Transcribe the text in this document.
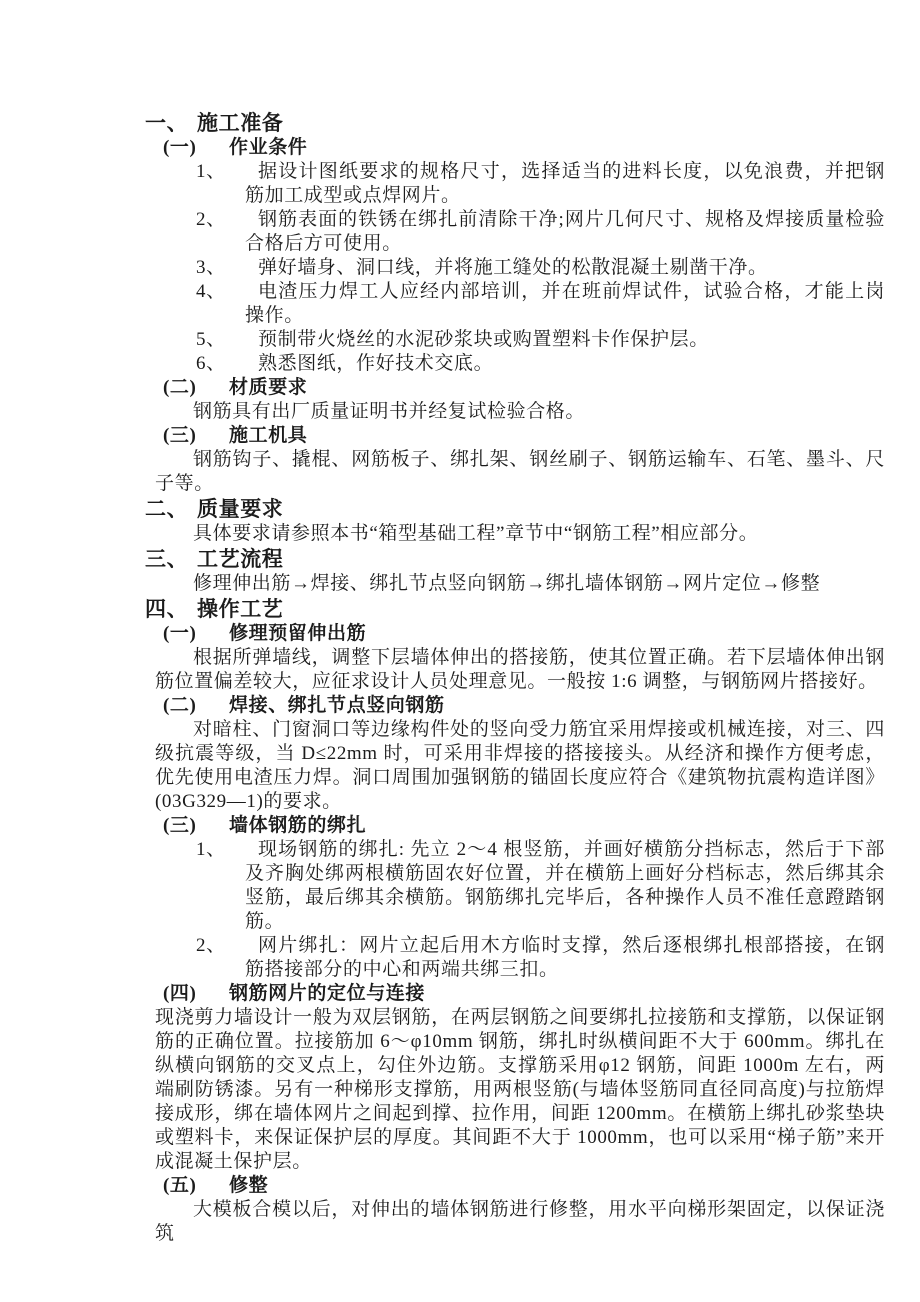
一、 施工准备
(一) 作业条件
1、 据设计图纸要求的规格尺寸，选择适当的进料长度，以免浪费，并把钢筋加工成型或点焊网片。
2、 钢筋表面的铁锈在绑扎前清除干净;网片几何尺寸、规格及焊接质量检验合格后方可使用。
3、 弹好墙身、洞口线，并将施工缝处的松散混凝土剔凿干净。
4、 电渣压力焊工人应经内部培训，并在班前焊试件，试验合格，才能上岗操作。
5、 预制带火烧丝的水泥砂浆块或购置塑料卡作保护层。
6、 熟悉图纸，作好技术交底。
(二) 材质要求
钢筋具有出厂质量证明书并经复试检验合格。
(三) 施工机具
钢筋钩子、撬棍、网筋板子、绑扎架、钢丝刷子、钢筋运输车、石笔、墨斗、尺子等。
二、 质量要求
具体要求请参照本书“箱型基础工程”章节中“钢筋工程”相应部分。
三、 工艺流程
修理伸出筋→焊接、绑扎节点竖向钢筋→绑扎墙体钢筋→网片定位→修整
四、 操作工艺
(一) 修理预留伸出筋
根据所弹墙线，调整下层墙体伸出的搭接筋，使其位置正确。若下层墙体伸出钢筋位置偏差较大，应征求设计人员处理意见。一般按 1:6 调整，与钢筋网片搭接好。
(二) 焊接、绑扎节点竖向钢筋
对暗柱、门窗洞口等边缘构件处的竖向受力筋宜采用焊接或机械连接，对三、四级抗震等级，当 D≤22mm 时，可采用非焊接的搭接接头。从经济和操作方便考虑，优先使用电渣压力焊。洞口周围加强钢筋的锚固长度应符合《建筑物抗震构造详图》(03G329—1)的要求。
(三) 墙体钢筋的绑扎
1、 现场钢筋的绑扎: 先立 2～4 根竖筋，并画好横筋分挡标志，然后于下部及齐胸处绑两根横筋固农好位置，并在横筋上画好分档标志，然后绑其余竖筋，最后绑其余横筋。钢筋绑扎完毕后，各种操作人员不准任意蹬踏钢筋。
2、 网片绑扎：网片立起后用木方临时支撑，然后逐根绑扎根部搭接，在钢筋搭接部分的中心和两端共绑三扣。
(四) 钢筋网片的定位与连接
现浇剪力墙设计一般为双层钢筋，在两层钢筋之间要绑扎拉接筋和支撑筋，以保证钢筋的正确位置。拉接筋加 6～φ10mm 钢筋，绑扎时纵横间距不大于 600mm。绑扎在纵横向钢筋的交叉点上，勾住外边筋。支撑筋采用φ12 钢筋，间距 1000m 左右，两端刷防锈漆。另有一种梯形支撑筋，用两根竖筋(与墙体竖筋同直径同高度)与拉筋焊接成形，绑在墙体网片之间起到撑、拉作用，间距 1200mm。在横筋上绑扎砂浆垫块或塑料卡，来保证保护层的厚度。其间距不大于 1000mm，也可以采用“梯子筋”来开成混凝土保护层。
(五) 修整
大模板合模以后，对伸出的墙体钢筋进行修整，用水平向梯形架固定，以保证浇筑
